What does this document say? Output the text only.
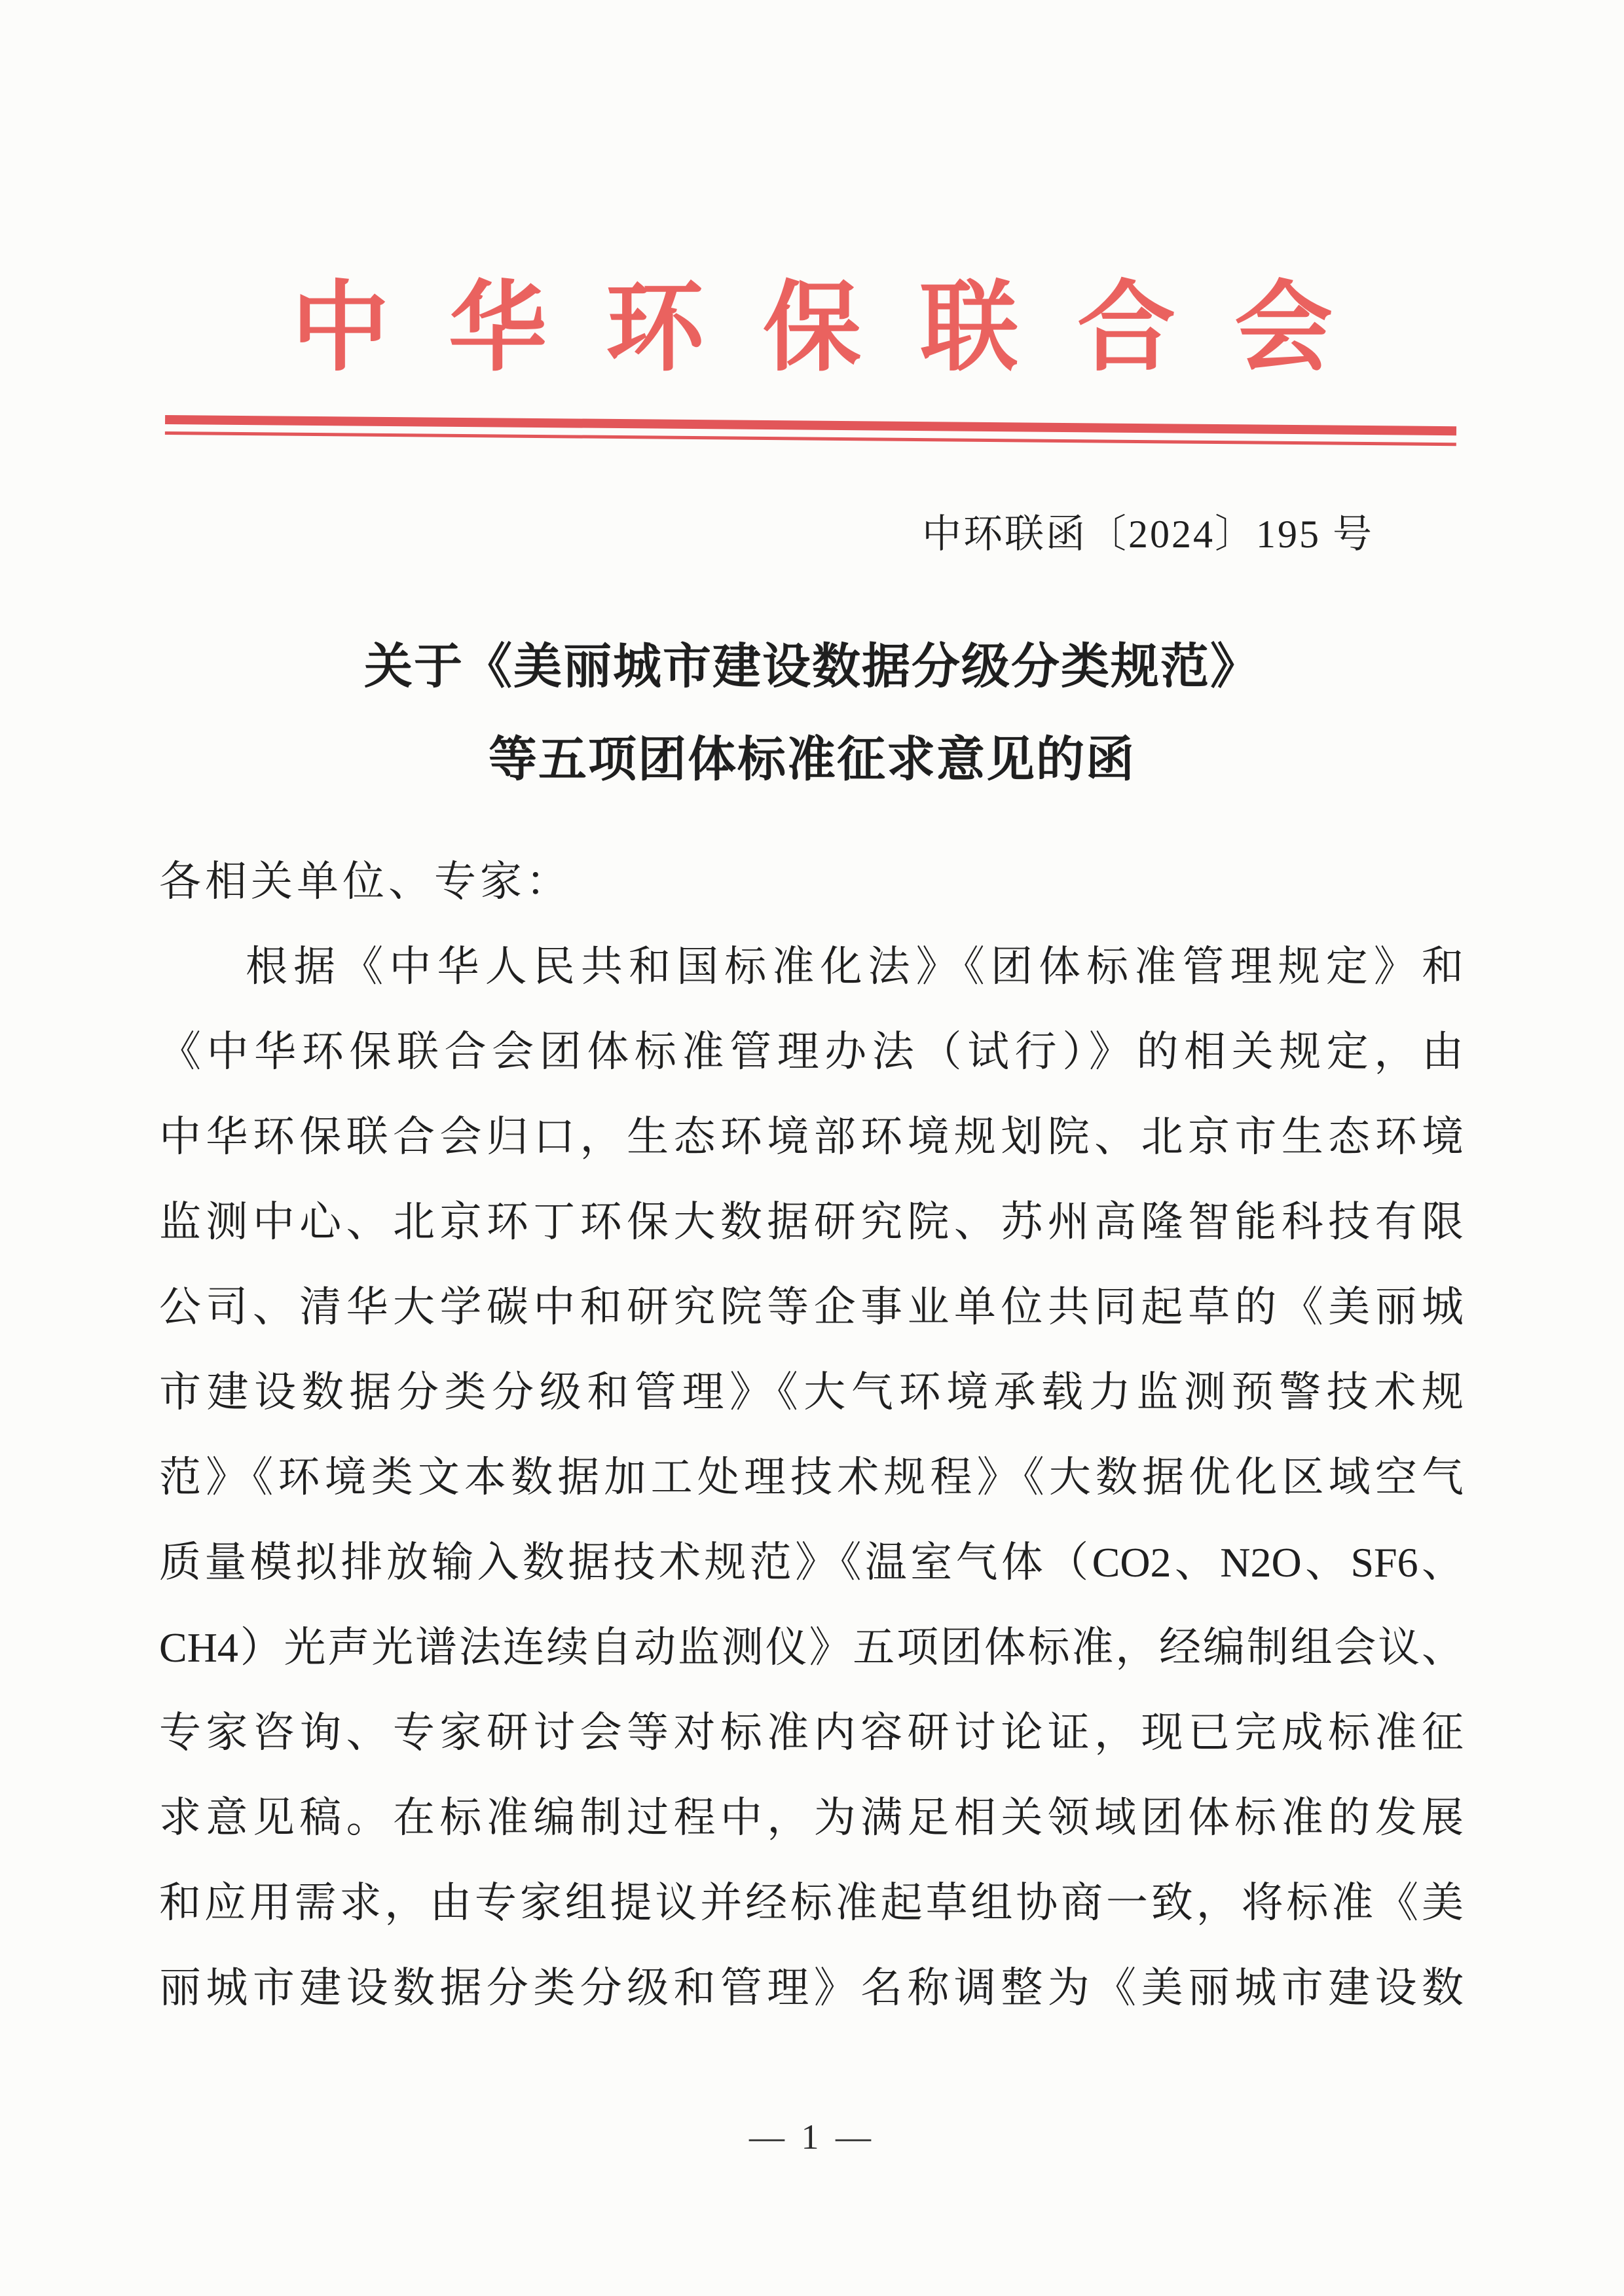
中华环保联合会
中环联函〔2024〕195 号
关于《美丽城市建设数据分级分类规范》
等五项团体标准征求意见的函
各相关单位、专家：
根据《中华人民共和国标准化法》《团体标准管理规定》和
《中华环保联合会团体标准管理办法（试行）》的相关规定，由
中华环保联合会归口，生态环境部环境规划院、北京市生态环境
监测中心、北京环丁环保大数据研究院、苏州高隆智能科技有限
公司、清华大学碳中和研究院等企事业单位共同起草的《美丽城
市建设数据分类分级和管理》《大气环境承载力监测预警技术规
范》《环境类文本数据加工处理技术规程》《大数据优化区域空气
质量模拟排放输入数据技术规范》《温室气体（CO2、N2O、SF6、
CH4）光声光谱法连续自动监测仪》五项团体标准，经编制组会议、
专家咨询、专家研讨会等对标准内容研讨论证，现已完成标准征
求意见稿。在标准编制过程中，为满足相关领域团体标准的发展
和应用需求，由专家组提议并经标准起草组协商一致，将标准《美
丽城市建设数据分类分级和管理》名称调整为《美丽城市建设数
— 1 —
